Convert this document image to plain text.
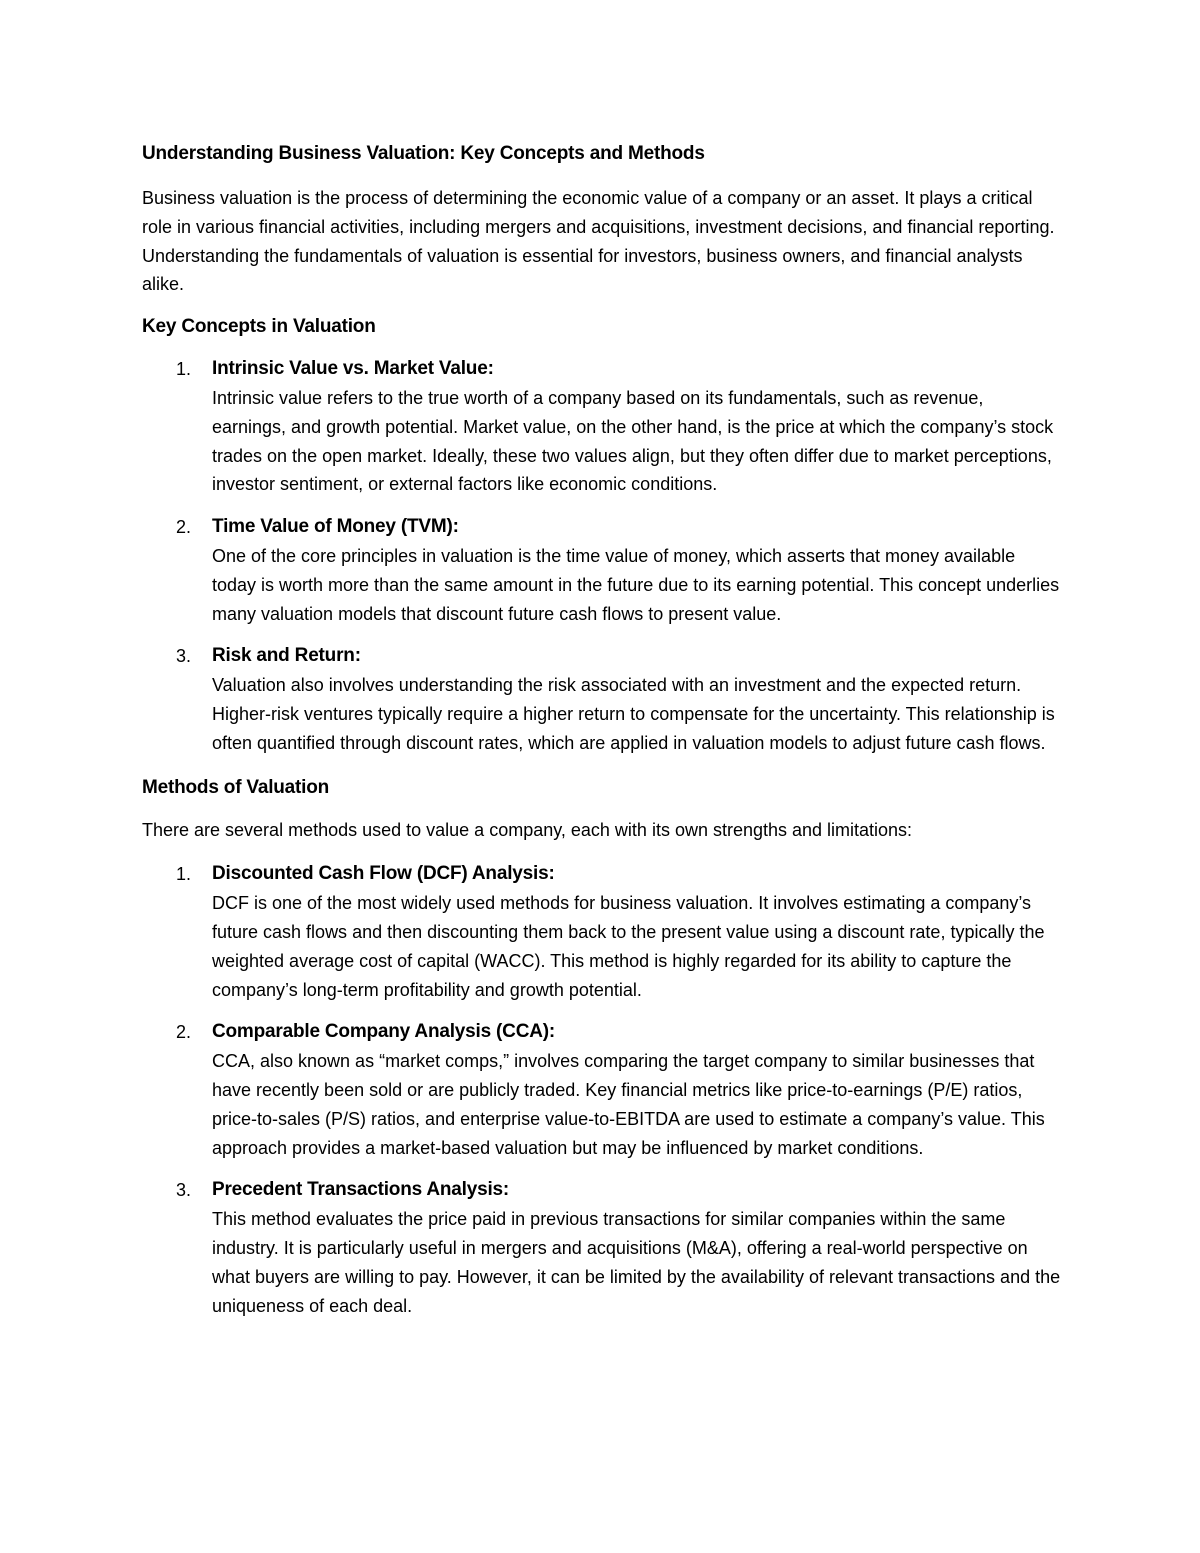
Understanding Business Valuation: Key Concepts and Methods

Business valuation is the process of determining the economic value of a company or an asset. It plays a critical role in various financial activities, including mergers and acquisitions, investment decisions, and financial reporting. Understanding the fundamentals of valuation is essential for investors, business owners, and financial analysts alike.

Key Concepts in Valuation
1. Intrinsic Value vs. Market Value:
Intrinsic value refers to the true worth of a company based on its fundamentals, such as revenue, earnings, and growth potential. Market value, on the other hand, is the price at which the company’s stock trades on the open market. Ideally, these two values align, but they often differ due to market perceptions, investor sentiment, or external factors like economic conditions.
2. Time Value of Money (TVM):
One of the core principles in valuation is the time value of money, which asserts that money available today is worth more than the same amount in the future due to its earning potential. This concept underlies many valuation models that discount future cash flows to present value.
3. Risk and Return:
Valuation also involves understanding the risk associated with an investment and the expected return. Higher-risk ventures typically require a higher return to compensate for the uncertainty. This relationship is often quantified through discount rates, which are applied in valuation models to adjust future cash flows.
Methods of Valuation

There are several methods used to value a company, each with its own strengths and limitations:

1. Discounted Cash Flow (DCF) Analysis:
DCF is one of the most widely used methods for business valuation. It involves estimating a company’s future cash flows and then discounting them back to the present value using a discount rate, typically the weighted average cost of capital (WACC). This method is highly regarded for its ability to capture the company’s long-term profitability and growth potential.
2. Comparable Company Analysis (CCA):
CCA, also known as “market comps,” involves comparing the target company to similar businesses that have recently been sold or are publicly traded. Key financial metrics like price-to-earnings (P/E) ratios, price-to-sales (P/S) ratios, and enterprise value-to-EBITDA are used to estimate a company’s value. This approach provides a market-based valuation but may be influenced by market conditions.
3. Precedent Transactions Analysis:
This method evaluates the price paid in previous transactions for similar companies within the same industry. It is particularly useful in mergers and acquisitions (M&A), offering a real-world perspective on what buyers are willing to pay. However, it can be limited by the availability of relevant transactions and the uniqueness of each deal.
